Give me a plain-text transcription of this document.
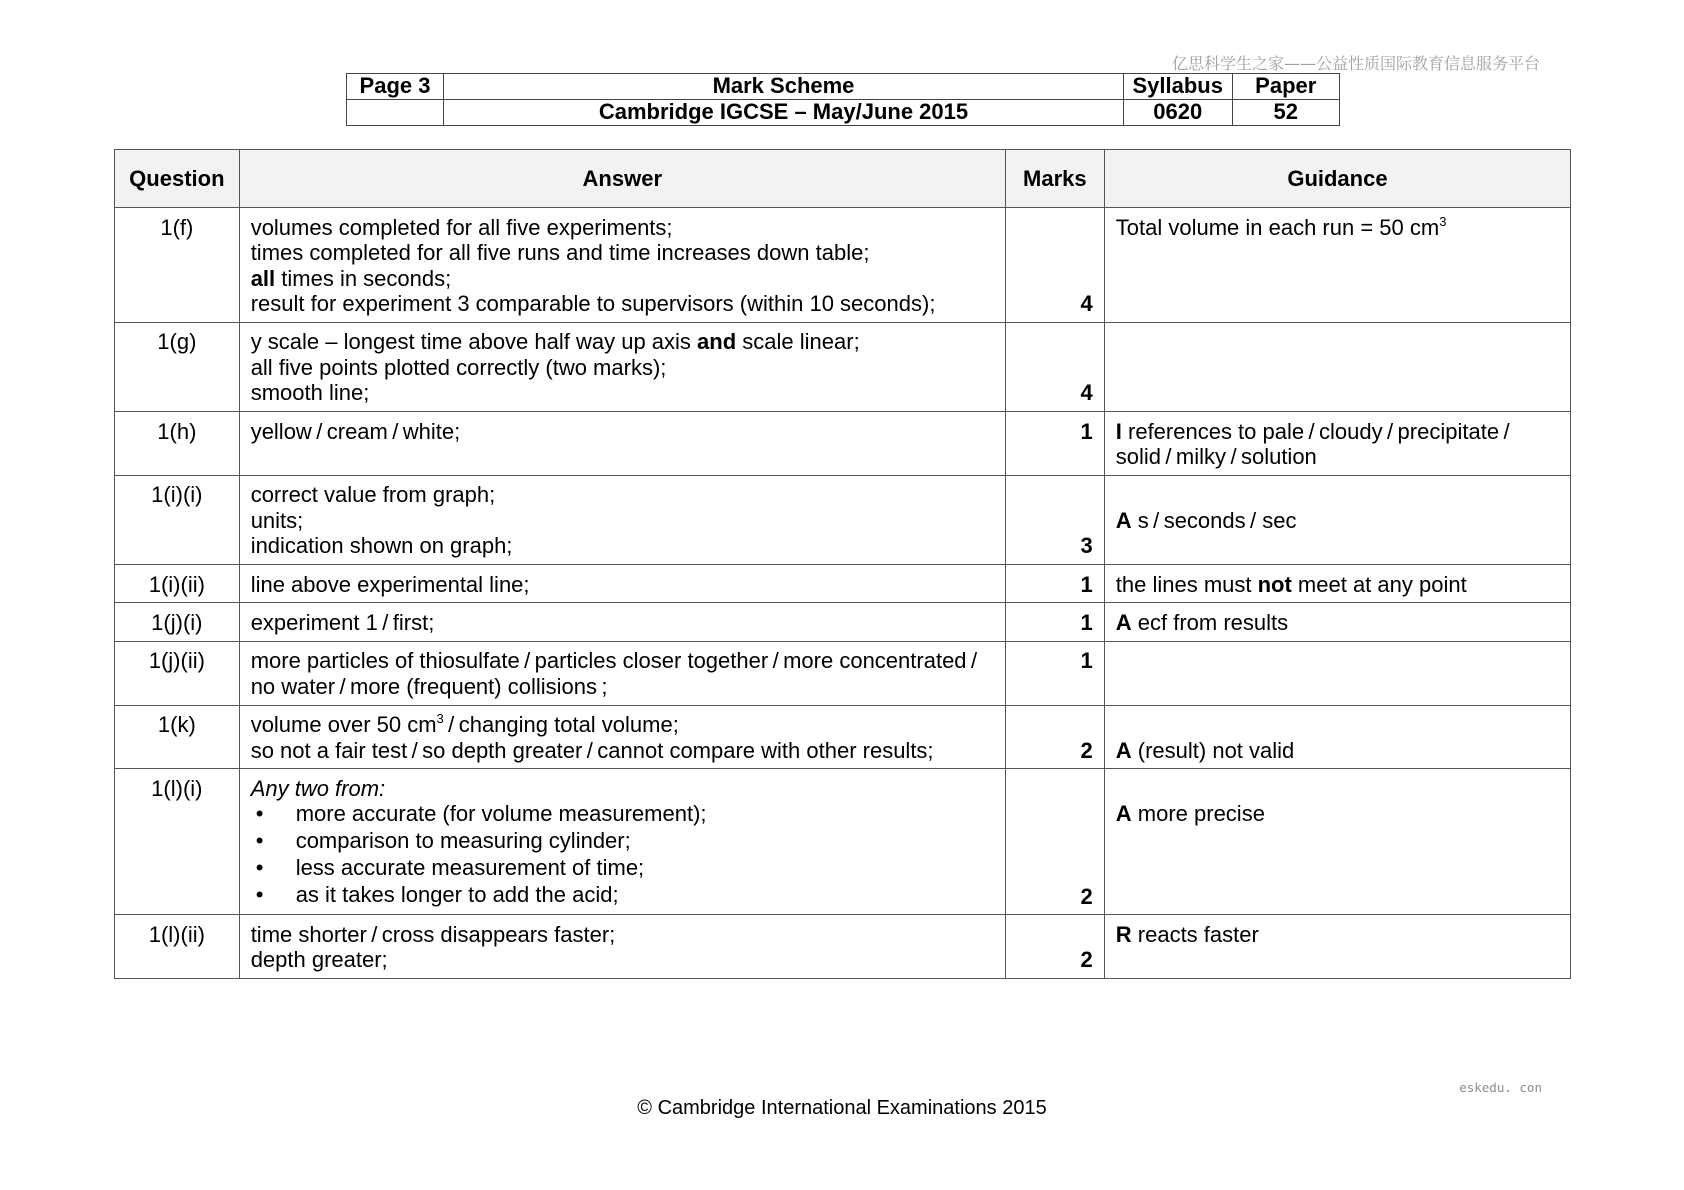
亿思科学生之家——公益性质国际教育信息服务平台
Page 3	Mark Scheme	Syllabus	Paper
	Cambridge IGCSE – May/June 2015	0620	52
Question	Answer	Marks	Guidance
1(f)	volumes completed for all five experiments;
times completed for all five runs and time increases down table;
all times in seconds;
result for experiment 3 comparable to supervisors (within 10 seconds);	4	Total volume in each run = 50 $cm^3$

1(g)	y scale – longest time above half way up axis and scale linear;
all five points plotted correctly (two marks);
smooth line;	4	

1(h)	yellow / cream / white;	1	I references to pale / cloudy / precipitate /
solid / milky / solution

1(i)(i)	correct value from graph;
units;
indication shown on graph;	3	A s / seconds / sec

1(i)(ii)	line above experimental line;	1	the lines must not meet at any point

1(j)(i)	experiment 1 / first;	1	A ecf from results

1(j)(ii)	more particles of thiosulfate / particles closer together / more concentrated /
no water / more (frequent) collisions ;	1	

1(k)	volume over 50 $cm^3$ / changing total volume;
so not a fair test / so depth greater / cannot compare with other results;	2	A (result) not valid

1(l)(i)	Any two from:
• more accurate (for volume measurement);
• comparison to measuring cylinder;
• less accurate measurement of time;
• as it takes longer to add the acid;	2	A more precise

1(l)(ii)	time shorter / cross disappears faster;
depth greater;	2	R reacts faster
eskedu. con
© Cambridge International Examinations 2015
